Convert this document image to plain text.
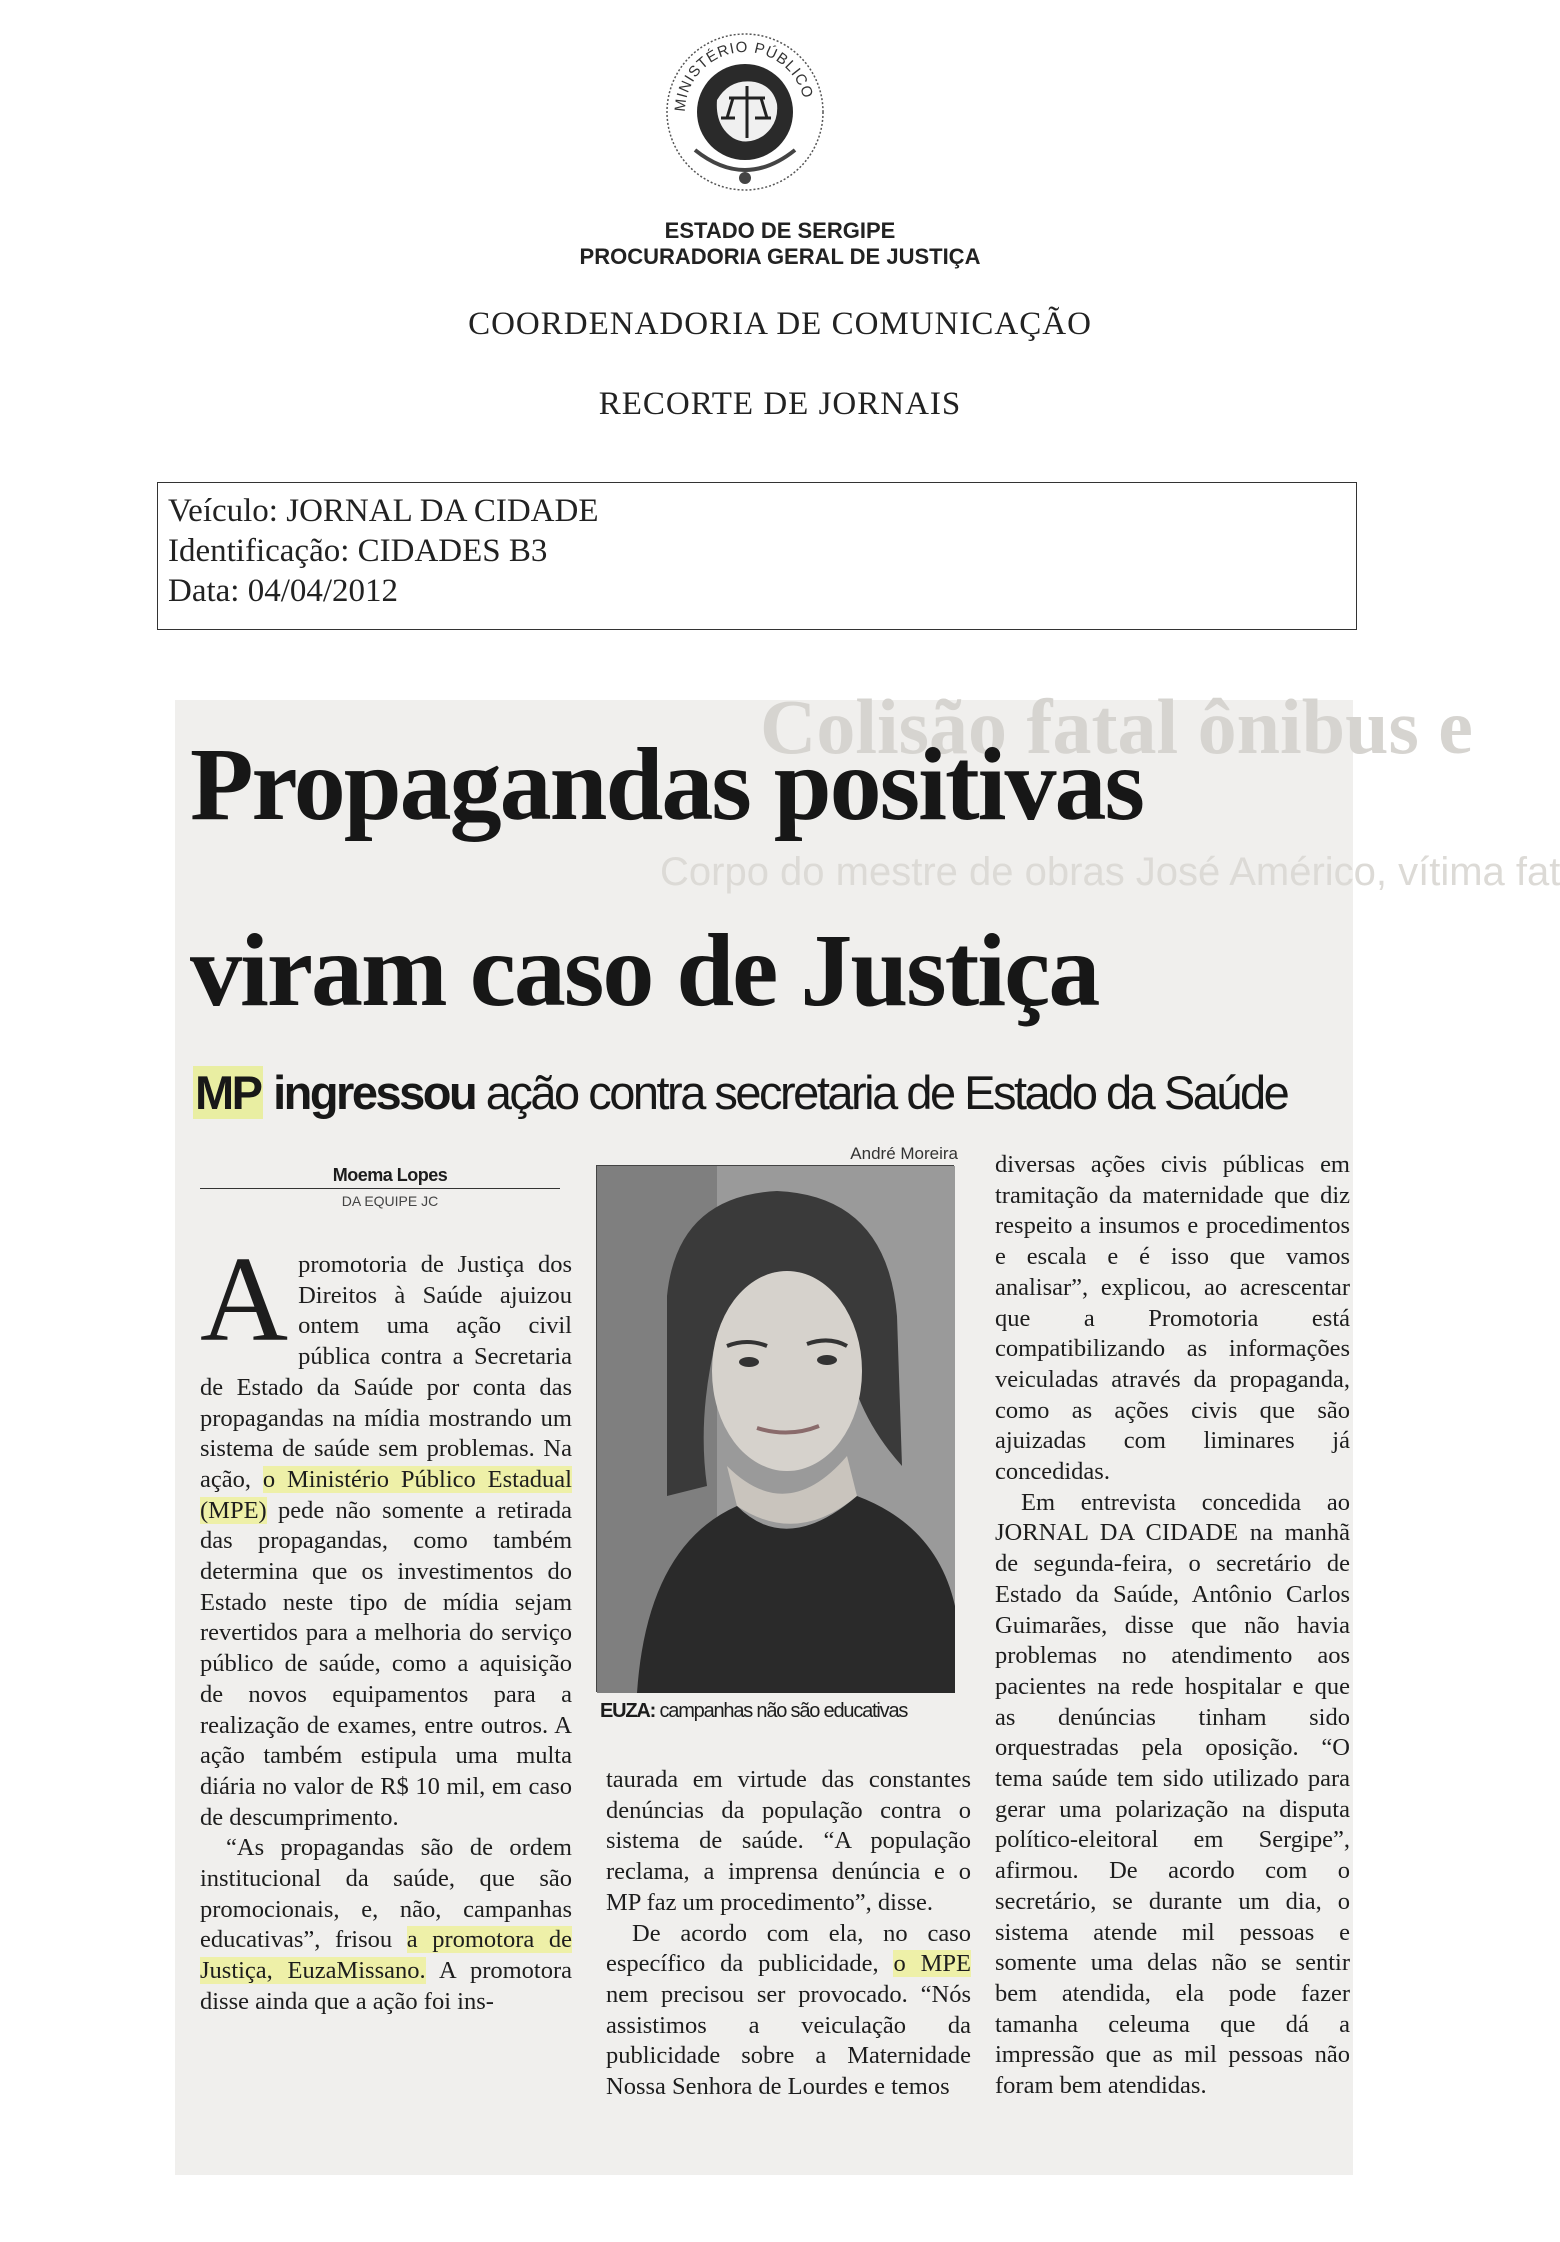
MINISTÉRIO PÚBLICO
ESTADO DE SERGIPE
PROCURADORIA GERAL DE JUSTIÇA
COORDENADORIA DE COMUNICAÇÃO
RECORTE DE JORNAIS
Veículo: JORNAL DA CIDADE
Identificação: CIDADES B3
Data: 04/04/2012
Colisão fatal ônibus e
Corpo do mestre de obras José Américo, vítima fat
Propagandas positivas
viram caso de Justiça
MP ingressou ação contra secretaria de Estado da Saúde
Moema Lopes
DA EQUIPE JC
André Moreira
EUZA: campanhas não são educativas

Apromotoria de Justiça dos Direitos à Saúde ajuizou ontem uma ação civil pública contra a Secretaria de Estado da Saúde por conta das propagandas na mídia mostrando um sistema de saúde sem problemas. Na ação, o Ministério Público Estadual (MPE) pede não somente a retirada das propagandas, como também determina que os investimentos do Estado neste tipo de mídia sejam revertidos para a melhoria do serviço público de saúde, como a aquisição de novos equipamentos para a realização de exames, entre outros. A ação também estipula uma multa diária no valor de R$ 10 mil, em caso de descumprimento.

“As propagandas são de ordem institucional da saúde, que são promocionais, e, não, campanhas educativas”, frisou a promotora de Justiça, EuzaMissano. A promotora disse ainda que a ação foi ins-

taurada em virtude das constantes denúncias da população contra o sistema de saúde. “A população reclama, a imprensa denúncia e o MP faz um procedimento”, disse.

De acordo com ela, no caso específico da publicidade, o MPE nem precisou ser provocado. “Nós assistimos a veiculação da publicidade sobre a Maternidade Nossa Senhora de Lourdes e temos

diversas ações civis públicas em tramitação da maternidade que diz respeito a insumos e procedimentos e escala e é isso que vamos analisar”, explicou, ao acrescentar que a Promotoria está compatibilizando as informações veiculadas através da propaganda, como as ações civis que são ajuizadas com liminares já concedidas.

Em entrevista concedida ao JORNAL DA CIDADE na manhã de segunda-feira, o secretário de Estado da Saúde, Antônio Carlos Guimarães, disse que não havia problemas no atendimento aos pacientes na rede hospitalar e que as denúncias tinham sido orquestradas pela oposição. “O tema saúde tem sido utilizado para gerar uma polarização na disputa político-eleitoral em Sergipe”, afirmou. De acordo com o secretário, se durante um dia, o sistema atende mil pessoas e somente uma delas não se sentir bem atendida, ela pode fazer tamanha celeuma que dá a impressão que as mil pessoas não foram bem atendidas.
